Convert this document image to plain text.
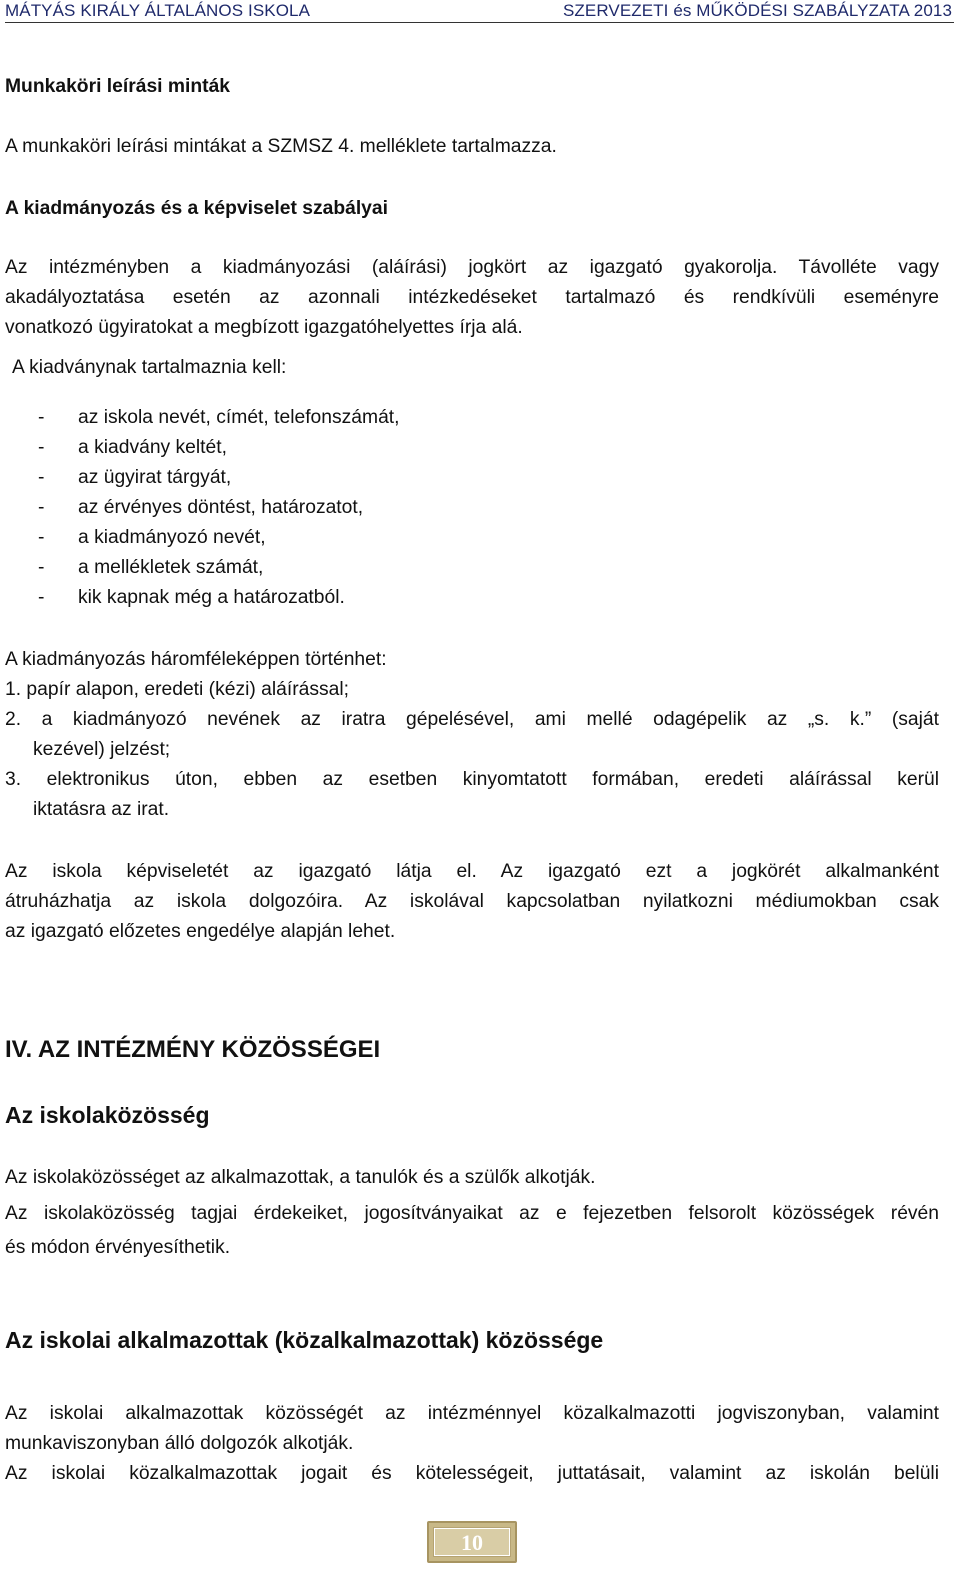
MÁTYÁS KIRÁLY ÁLTALÁNOS ISKOLA	SZERVEZETI és MŰKÖDÉSI SZABÁLYZATA 2013
Munkaköri leírási minták
A munkaköri leírási mintákat a SZMSZ 4. melléklete tartalmazza.
A kiadmányozás és a képviselet szabályai
Az intézményben a kiadmányozási (aláírási) jogkört az igazgató gyakorolja. Távolléte vagy
akadályoztatása esetén az azonnali intézkedéseket tartalmazó és rendkívüli eseményre
vonatkozó ügyiratokat a megbízott igazgatóhelyettes írja alá.
A kiadványnak tartalmaznia kell:
- az iskola nevét, címét, telefonszámát,
- a kiadvány keltét,
- az ügyirat tárgyát,
- az érvényes döntést, határozatot,
- a kiadmányozó nevét,
- a mellékletek számát,
- kik kapnak még a határozatból.
A kiadmányozás háromféleképpen történhet:
1. papír alapon, eredeti (kézi) aláírással;
2. a kiadmányozó nevének az iratra gépelésével, ami mellé odagépelik az „s. k.” (saját
kezével) jelzést;
3. elektronikus úton, ebben az esetben kinyomtatott formában, eredeti aláírással kerül
iktatásra az irat.
Az iskola képviseletét az igazgató látja el. Az igazgató ezt a jogkörét alkalmanként
átruházhatja az iskola dolgozóira. Az iskolával kapcsolatban nyilatkozni médiumokban csak
az igazgató előzetes engedélye alapján lehet.
IV. AZ INTÉZMÉNY KÖZÖSSÉGEI
Az iskolaközösség
Az iskolaközösséget az alkalmazottak, a tanulók és a szülők alkotják.
Az iskolaközösség tagjai érdekeiket, jogosítványaikat az e fejezetben felsorolt közösségek révén
és módon érvényesíthetik.
Az iskolai alkalmazottak (közalkalmazottak) közössége
Az iskolai alkalmazottak közösségét az intézménnyel közalkalmazotti jogviszonyban, valamint
munkaviszonyban álló dolgozók alkotják.
Az iskolai közalkalmazottak jogait és kötelességeit, juttatásait, valamint az iskolán belüli
10
